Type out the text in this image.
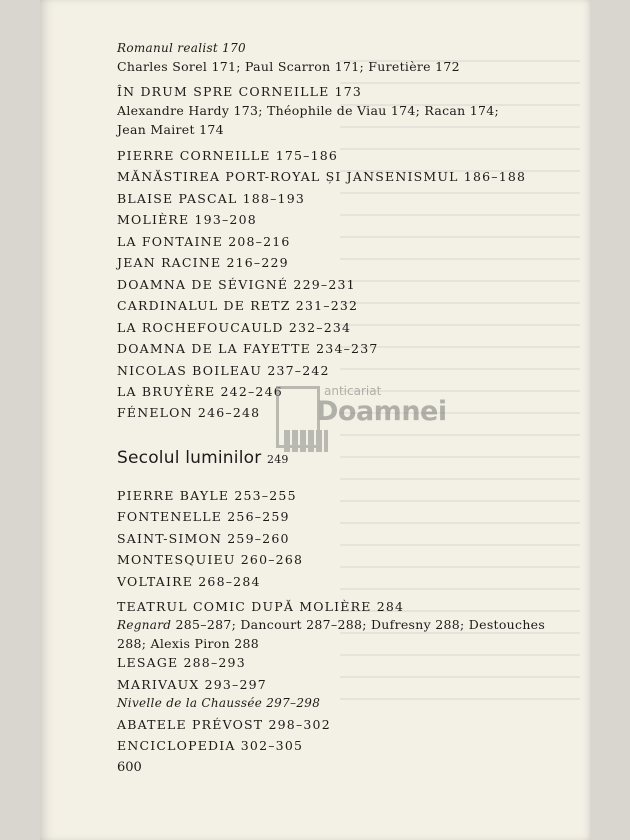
Romanul realist 170
Charles Sorel 171; Paul Scarron 171; Furetière 172
ÎN DRUM SPRE CORNEILLE 173
Alexandre Hardy 173; Théophile de Viau 174; Racan 174;
Jean Mairet 174
PIERRE CORNEILLE 175–186
MĂNĂSTIREA PORT-ROYAL ȘI JANSENISMUL 186–188
BLAISE PASCAL 188–193
MOLIÈRE 193–208
LA FONTAINE 208–216
JEAN RACINE 216–229
DOAMNA DE SÉVIGNÉ 229–231
CARDINALUL DE RETZ 231–232
LA ROCHEFOUCAULD 232–234
DOAMNA DE LA FAYETTE 234–237
NICOLAS BOILEAU 237–242
LA BRUYÈRE 242–246
FÉNELON 246–248
Secolul luminilor 249
PIERRE BAYLE 253–255
FONTENELLE 256–259
SAINT-SIMON 259–260
MONTESQUIEU 260–268
VOLTAIRE 268–284
TEATRUL COMIC DUPĂ MOLIÈRE 284
Regnard 285–287; Dancourt 287–288; Dufresny 288; Destouches
288; Alexis Piron 288
LESAGE 288–293
MARIVAUX 293–297
Nivelle de la Chaussée 297–298
ABATELE PRÉVOST 298–302
ENCICLOPEDIA 302–305
600
anticariat
Doamnei
